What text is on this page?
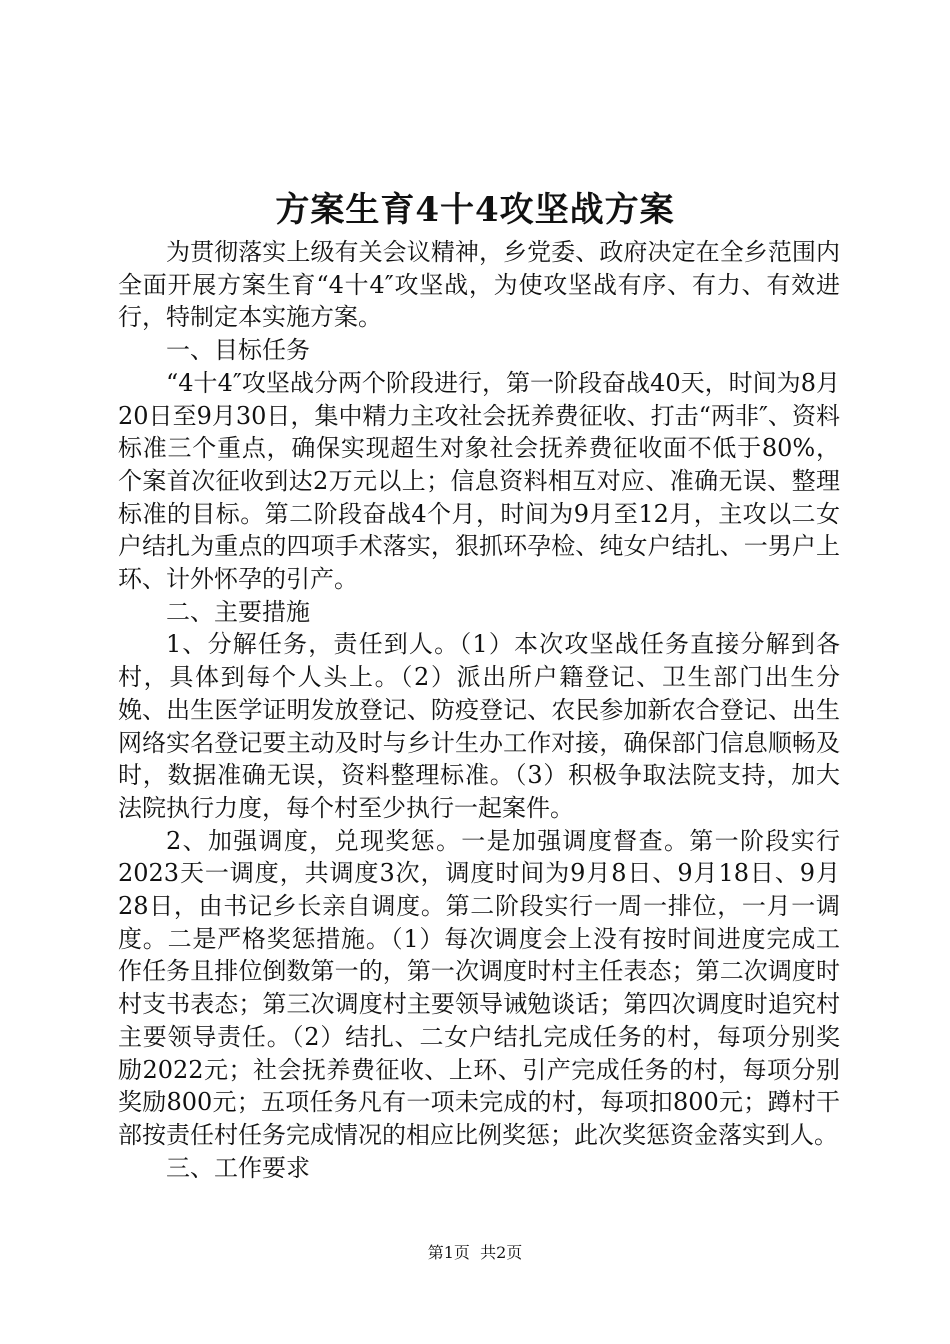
方案生育4十4攻坚战方案

为贯彻落实上级有关会议精神，乡党委、政府决定在全乡范围内全面开展方案生育“4十4″攻坚战，为使攻坚战有序、有力、有效进行，特制定本实施方案。

一、目标任务

“4十4″攻坚战分两个阶段进行，第一阶段奋战40天，时间为8月20日至9月30日，集中精力主攻社会抚养费征收、打击“两非″、资料标准三个重点，确保实现超生对象社会抚养费征收面不低于80%，个案首次征收到达2万元以上；信息资料相互对应、准确无误、整理标准的目标。第二阶段奋战4个月，时间为9月至12月，主攻以二女户结扎为重点的四项手术落实，狠抓环孕检、纯女户结扎、一男户上环、计外怀孕的引产。

二、主要措施

1、分解任务，责任到人。（1）本次攻坚战任务直接分解到各村，具体到每个人头上。（2）派出所户籍登记、卫生部门出生分娩、出生医学证明发放登记、防疫登记、农民参加新农合登记、出生网络实名登记要主动及时与乡计生办工作对接，确保部门信息顺畅及时，数据准确无误，资料整理标准。（3）积极争取法院支持，加大法院执行力度，每个村至少执行一起案件。

2、加强调度，兑现奖惩。一是加强调度督查。第一阶段实行2023天一调度，共调度3次，调度时间为9月8日、9月18日、9月28日，由书记乡长亲自调度。第二阶段实行一周一排位，一月一调度。二是严格奖惩措施。（1）每次调度会上没有按时间进度完成工作任务且排位倒数第一的，第一次调度时村主任表态；第二次调度时村支书表态；第三次调度村主要领导诫勉谈话；第四次调度时追究村主要领导责任。（2）结扎、二女户结扎完成任务的村，每项分别奖励2022元；社会抚养费征收、上环、引产完成任务的村，每项分别奖励800元；五项任务凡有一项未完成的村，每项扣800元；蹲村干部按责任村任务完成情况的相应比例奖惩；此次奖惩资金落实到人。

三、工作要求

第1页  共2页
